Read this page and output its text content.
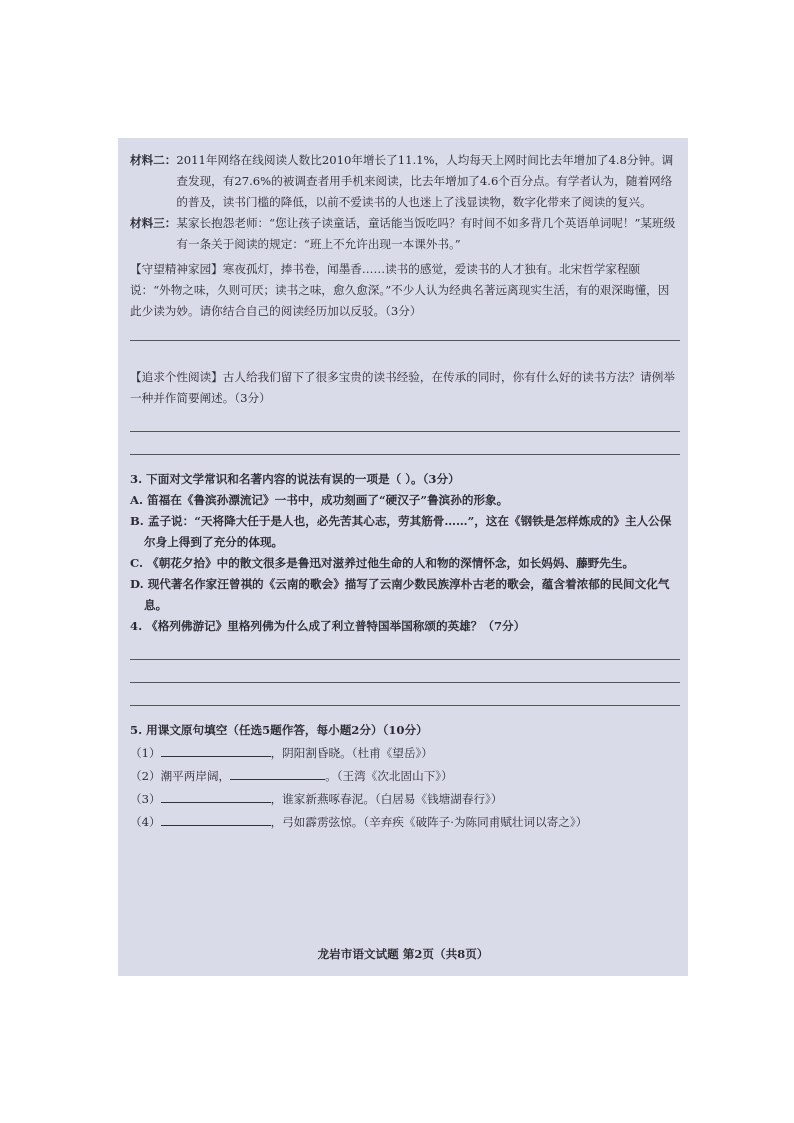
材料二： 2011年网络在线阅读人数比2010年增长了11.1%，人均每天上网时间比去年增加了4.8分钟。调查发现，有27.6%的被调查者用手机来阅读，比去年增加了4.6个百分点。有学者认为，随着网络的普及，读书门槛的降低，以前不爱读书的人也迷上了浅显读物，数字化带来了阅读的复兴。
材料三： 某家长抱怨老师：“您让孩子读童话，童话能当饭吃吗？有时间不如多背几个英语单词呢！”某班级有一条关于阅读的规定：“班上不允许出现一本课外书。”

【守望精神家园】寒夜孤灯，捧书卷，闻墨香……读书的感觉，爱读书的人才独有。北宋哲学家程颐说：“外物之味，久则可厌；读书之味，愈久愈深。”不少人认为经典名著远离现实生活，有的艰深晦懂，因此少读为妙。请你结合自己的阅读经历加以反驳。（3分）

【追求个性阅读】古人给我们留下了很多宝贵的读书经验，在传承的同时，你有什么好的读书方法？请例举一种并作简要阐述。（3分）

3. 下面对文学常识和名著内容的说法有误的一项是（ ）。（3分）

A. 笛福在《鲁滨孙漂流记》一书中，成功刻画了“硬汉子”鲁滨孙的形象。

B. 孟子说：“天将降大任于是人也，必先苦其心志，劳其筋骨……”，这在《钢铁是怎样炼成的》主人公保尔身上得到了充分的体现。

C. 《朝花夕拾》中的散文很多是鲁迅对滋养过他生命的人和物的深情怀念，如长妈妈、藤野先生。

D. 现代著名作家汪曾祺的《云南的歌会》描写了云南少数民族淳朴古老的歌会，蕴含着浓郁的民间文化气息。

4. 《格列佛游记》里格列佛为什么成了利立普特国举国称颂的英雄？（7分）

5. 用课文原句填空（任选5题作答，每小题2分）（10分）

（1）	，阴阳割昏晓。（杜甫《望岳》）

（2）潮平两岸阔，	。（王湾《次北固山下》）

（3）	，谁家新燕啄春泥。（白居易《钱塘湖春行》）

（4）	，弓如霹雳弦惊。（辛弃疾《破阵子·为陈同甫赋壮词以寄之》）

龙岩市语文试题 第2页（共8页）
